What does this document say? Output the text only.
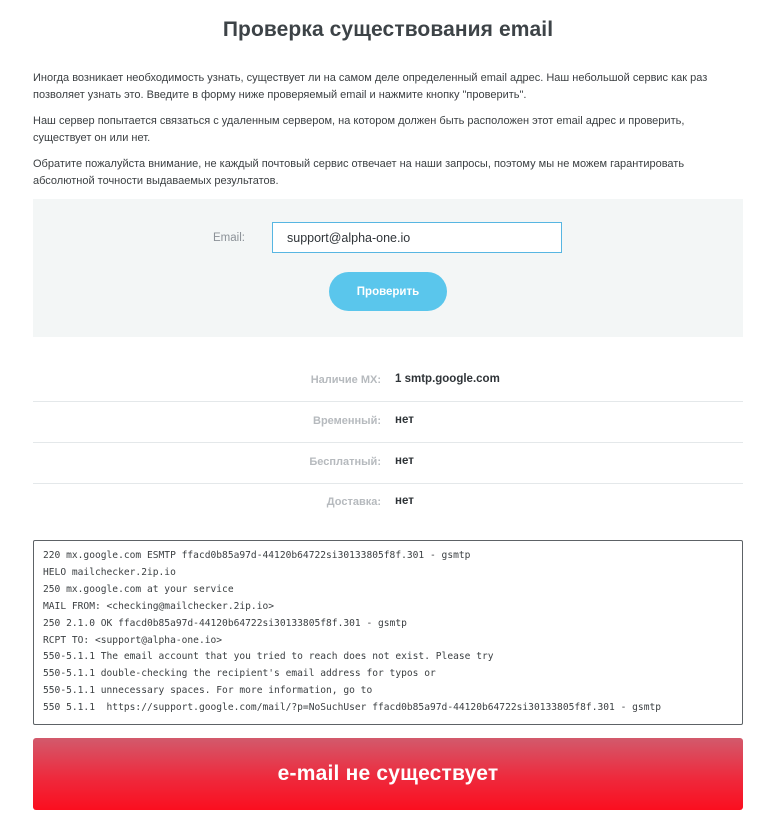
Проверка существования email

Иногда возникает необходимость узнать, существует ли на самом деле определенный email адрес. Наш небольшой сервис как раз позволяет узнать это. Введите в форму ниже проверяемый email и нажмите кнопку "проверить".

Наш сервер попытается связаться с удаленным сервером, на котором должен быть расположен этот email адрес и проверить, существует он или нет.

Обратите пожалуйста внимание, не каждый почтовый сервис отвечает на наши запросы, поэтому мы не можем гарантировать абсолютной точности выдаваемых результатов.

Email:
support@alpha-one.io
Проверить
Наличие MX: 1 smtp.google.com
Временный: нет
Бесплатный: нет
Доставка: нет
220 mx.google.com ESMTP ffacd0b85a97d-44120b64722si30133805f8f.301 - gsmtp
HELO mailchecker.2ip.io
250 mx.google.com at your service
MAIL FROM: <checking@mailchecker.2ip.io>
250 2.1.0 OK ffacd0b85a97d-44120b64722si30133805f8f.301 - gsmtp
RCPT TO: <support@alpha-one.io>
550-5.1.1 The email account that you tried to reach does not exist. Please try
550-5.1.1 double-checking the recipient's email address for typos or
550-5.1.1 unnecessary spaces. For more information, go to
550 5.1.1  https://support.google.com/mail/?p=NoSuchUser ffacd0b85a97d-44120b64722si30133805f8f.301 - gsmtp
e-mail не существует
